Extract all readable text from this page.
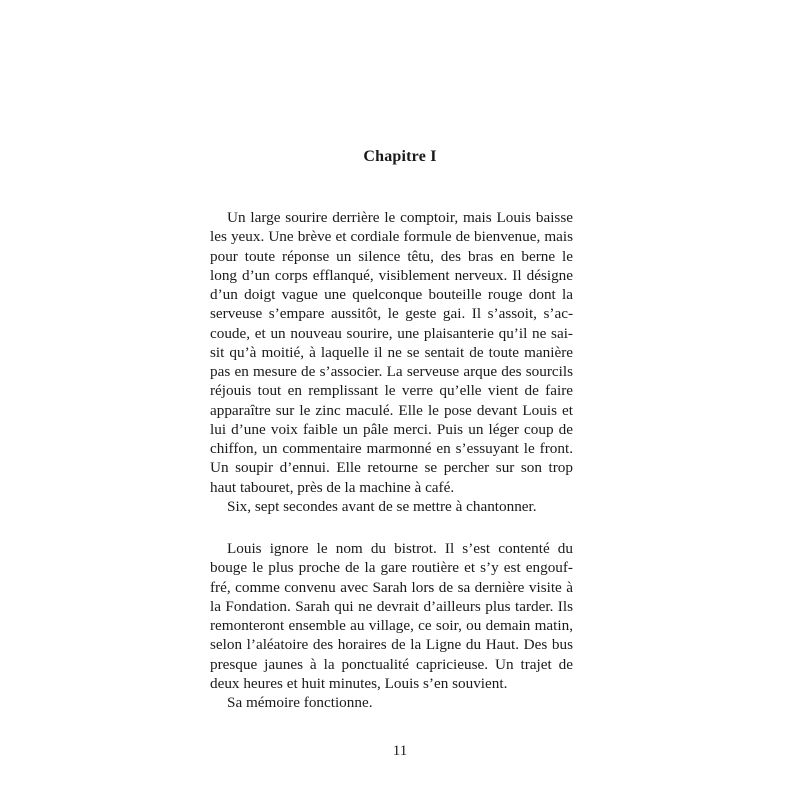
Chapitre I
Un large sourire derrière le comptoir, mais Louis baisse
les yeux. Une brève et cordiale formule de bienvenue, mais
pour toute réponse un silence têtu, des bras en berne le
long d’un corps efflanqué, visiblement nerveux. Il désigne
d’un doigt vague une quelconque bouteille rouge dont la
serveuse s’empare aussitôt, le geste gai. Il s’assoit, s’ac-
coude, et un nouveau sourire, une plaisanterie qu’il ne sai-
sit qu’à moitié, à laquelle il ne se sentait de toute manière
pas en mesure de s’associer. La serveuse arque des sourcils
réjouis tout en remplissant le verre qu’elle vient de faire
apparaître sur le zinc maculé. Elle le pose devant Louis et
lui d’une voix faible un pâle merci. Puis un léger coup de
chiffon, un commentaire marmonné en s’essuyant le front.
Un soupir d’ennui. Elle retourne se percher sur son trop
haut tabouret, près de la machine à café.
Six, sept secondes avant de se mettre à chantonner.
Louis ignore le nom du bistrot. Il s’est contenté du
bouge le plus proche de la gare routière et s’y est engouf-
fré, comme convenu avec Sarah lors de sa dernière visite à
la Fondation. Sarah qui ne devrait d’ailleurs plus tarder. Ils
remonteront ensemble au village, ce soir, ou demain matin,
selon l’aléatoire des horaires de la Ligne du Haut. Des bus
presque jaunes à la ponctualité capricieuse. Un trajet de
deux heures et huit minutes, Louis s’en souvient.
Sa mémoire fonctionne.
11
